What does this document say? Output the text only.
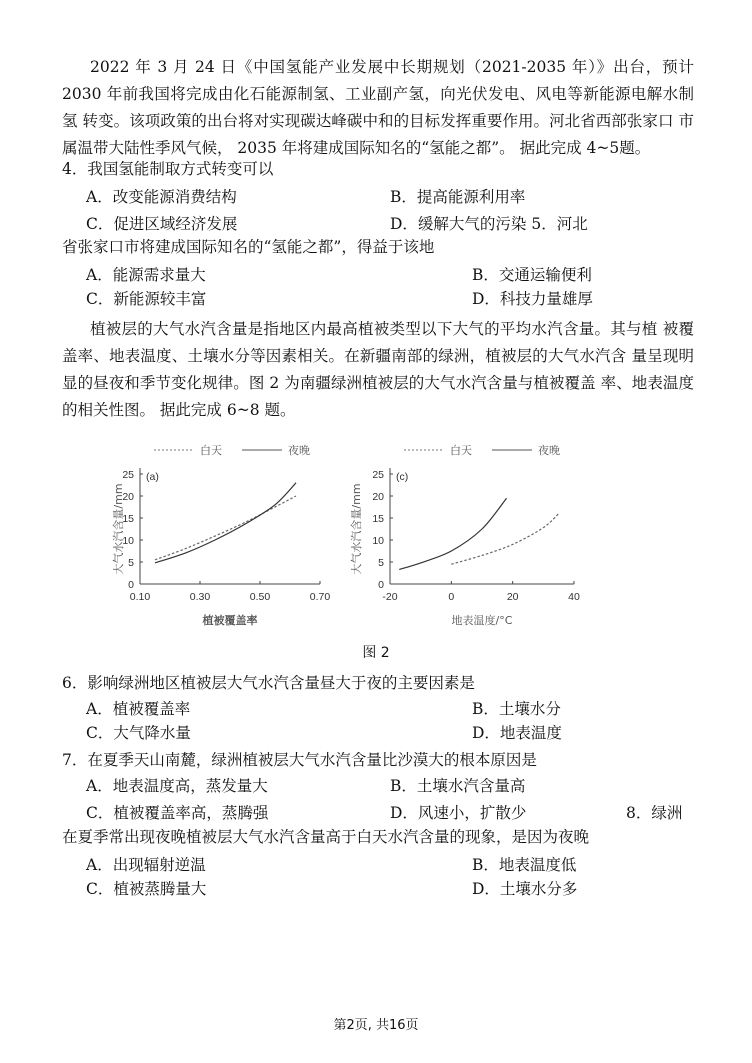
2022 年 3 月 24 日《中国氢能产业发展中长期规划（2021-2035 年）》出台，预计 2030 年前我国将完成由化石能源制氢、工业副产氢，向光伏发电、风电等新能源电解水制氢 转变。该项政策的出台将对实现碳达峰碳中和的目标发挥重要作用。河北省西部张家口 市属温带大陆性季风气候， 2035 年将建成国际知名的“氢能之都”。 据此完成 4~5题。
4．我国氢能制取方式转变可以
A．改变能源消费结构	B．提高能源利用率
C．促进区域经济发展	D．缓解大气的污染 5．河北
省张家口市将建成国际知名的“氢能之都”，得益于该地
A．能源需求量大	B．交通运输便利
C．新能源较丰富	D．科技力量雄厚
植被层的大气水汽含量是指地区内最高植被类型以下大气的平均水汽含量。其与植 被覆盖率、地表温度、土壤水分等因素相关。在新疆南部的绿洲，植被层的大气水汽含 量呈现明显的昼夜和季节变化规律。图 2 为南疆绿洲植被层的大气水汽含量与植被覆盖 率、地表温度的相关性图。 据此完成 6~8 题。
白天	夜晚
0
5
10
15
20
25
0.10	0.30	0.50	0.70
(a)
大气水汽含量/mm
植被覆盖率
白天	夜晚
0
5
10
15
20
25
-20	0	20	40
(c)
大气水汽含量/mm
地表温度/°C
图 2
6．影响绿洲地区植被层大气水汽含量昼大于夜的主要因素是
A．植被覆盖率	B．土壤水分
C．大气降水量	D．地表温度
7．在夏季天山南麓，绿洲植被层大气水汽含量比沙漠大的根本原因是
A．地表温度高，蒸发量大	B．土壤水汽含量高
C．植被覆盖率高，蒸腾强	D．风速小，扩散少	8．绿洲
在夏季常出现夜晚植被层大气水汽含量高于白天水汽含量的现象，是因为夜晚
A．出现辐射逆温	B．地表温度低
C．植被蒸腾量大	D．土壤水分多
第2页, 共16页
